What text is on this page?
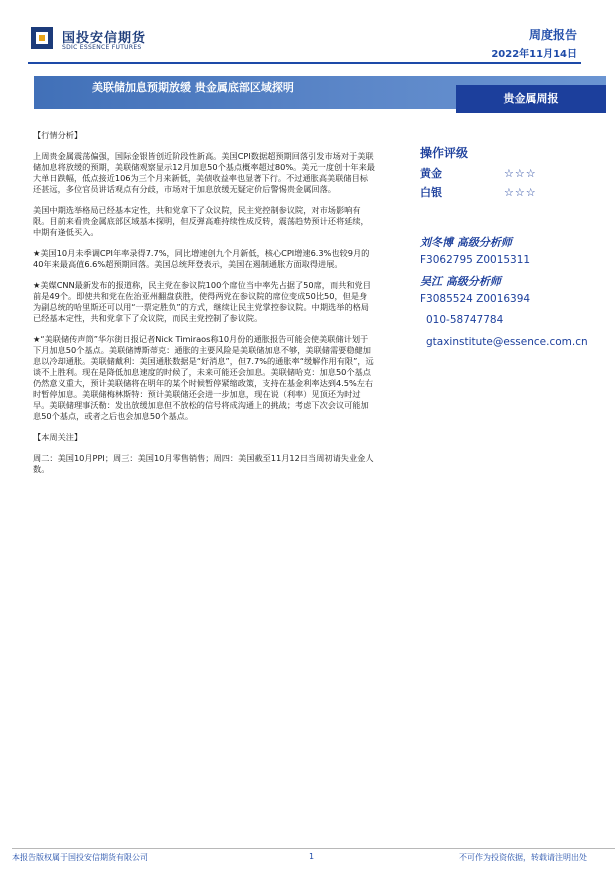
国投安信期货
SDIC ESSENCE FUTURES
周度报告
2022年11月14日
美联储加息预期放缓 贵金属底部区域探明
贵金属周报
【行情分析】

上周贵金属震荡偏强，国际金银皆创近阶段性新高。美国CPI数据超预期回落引发市场对于美联储加息将放缓的预期，美联储观察显示12月加息50个基点概率超过80%。美元一度创十年来最大单日跌幅，低点接近106为三个月来新低，美债收益率也显著下行。不过通胀高美联储目标还甚远，多位官员讲话观点有分歧，市场对于加息放缓无疑定价后警惕贵金属回落。

美国中期选举格局已经基本定性，共和党拿下了众议院，民主党控制参议院，对市场影响有限。目前来看贵金属底部区域基本探明，但反弹高难持续性成反转，震荡趋势预计还将延续，中期有逢低买入。

★美国10月未季调CPI年率录得7.7%，同比增速创九个月新低，核心CPI增速6.3%也较9月的40年来最高值6.6%超预期回落。美国总统拜登表示，美国在遏制通胀方面取得进展。

★美媒CNN最新发布的报道称，民主党在参议院100个席位当中率先占据了50席，而共和党目前是49个。即使共和党在佐治亚州翻盘获胜，使得两党在参议院的席位变成50比50，但是身为副总统的哈里斯还可以用“一票定胜负”的方式，继续让民主党掌控参议院。中期选举的格局已经基本定性，共和党拿下了众议院，而民主党控制了参议院。

★“美联储传声筒”华尔街日报记者Nick Timiraos称10月份的通胀报告可能会使美联储计划于下月加息50个基点。美联储博斯蒂克：通胀的主要风险是美联储加息不够，美联储需要稳健加息以冷却通胀。美联储戴利：美国通胀数据是“好消息”，但7.7%的通胀率“缓解作用有限”，远谈不上胜利。现在是降低加息速度的时候了，未来可能还会加息。美联储哈克：加息50个基点仍然意义重大，预计美联储将在明年的某个时候暂停紧缩政策，支持在基金利率达到4.5%左右时暂停加息。美联储梅林斯特：预计美联储还会进一步加息，现在说（利率）见顶还为时过早。美联储理事沃勒：发出放缓加息但不放松的信号将成沟通上的挑战；考虑下次会议可能加息50个基点，或者之后也会加息50个基点。

【本周关注】

周二：美国10月PPI；周三：美国10月零售销售；周四：美国截至11月12日当周初请失业金人数。

操作评级
黄金	☆☆☆
白银	☆☆☆
刘冬博 高级分析师
F3062795 Z0015311
吴江 高级分析师
F3085524 Z0016394
010-58747784
gtaxinstitute@essence.com.cn
本报告版权属于国投安信期货有限公司	1	不可作为投资依据，转载请注明出处
